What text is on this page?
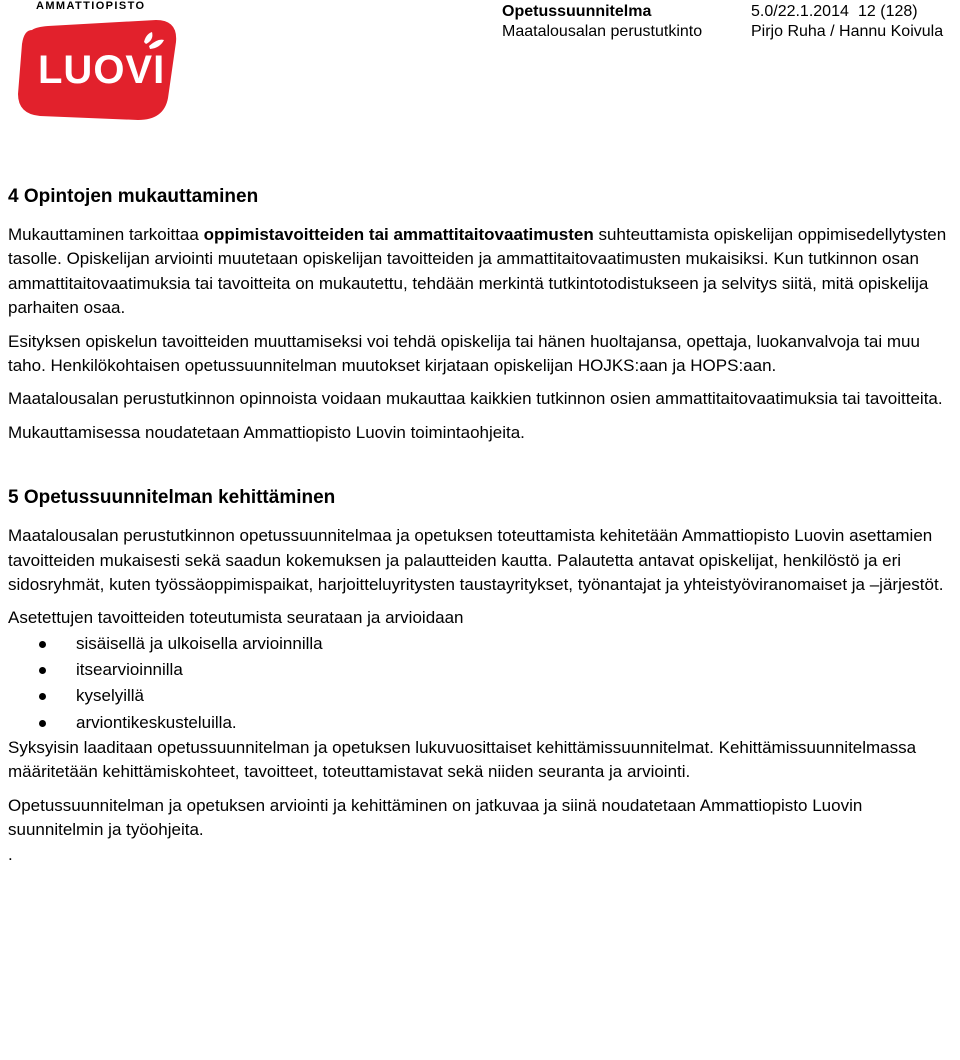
AMMATTIOPISTO
LUOVI
Opetussuunnitelma	5.0/22.1.2014 12 (128)
Maatalousalan perustutkinto	Pirjo Ruha / Hannu Koivula
4 Opintojen mukauttaminen

Mukauttaminen tarkoittaa oppimistavoitteiden tai ammattitaitovaatimusten suhteuttamista opiskelijan oppimisedellytysten tasolle. Opiskelijan arviointi muutetaan opiskelijan tavoitteiden ja ammattitaitovaatimusten mukaisiksi. Kun tutkinnon osan ammattitaitovaatimuksia tai tavoitteita on mukautettu, tehdään merkintä tutkintotodistukseen ja selvitys siitä, mitä opiskelija parhaiten osaa.

Esityksen opiskelun tavoitteiden muuttamiseksi voi tehdä opiskelija tai hänen huoltajansa, opettaja, luokanvalvoja tai muu taho. Henkilökohtaisen opetussuunnitelman muutokset kirjataan opiskelijan HOJKS:aan ja HOPS:aan.

Maatalousalan perustutkinnon opinnoista voidaan mukauttaa kaikkien tutkinnon osien ammattitaitovaatimuksia tai tavoitteita.

Mukauttamisessa noudatetaan Ammattiopisto Luovin toimintaohjeita.

5 Opetussuunnitelman kehittäminen

Maatalousalan perustutkinnon opetussuunnitelmaa ja opetuksen toteuttamista kehitetään Ammattiopisto Luovin asettamien tavoitteiden mukaisesti sekä saadun kokemuksen ja palautteiden kautta. Palautetta antavat opiskelijat, henkilöstö ja eri sidosryhmät, kuten työssäoppimispaikat, harjoitteluyritysten taustayritykset, työnantajat ja yhteistyöviranomaiset ja –järjestöt.

Asetettujen tavoitteiden toteutumista seurataan ja arvioidaan

sisäisellä ja ulkoisella arvioinnilla
itsearvioinnilla
kyselyillä
arviontikeskusteluilla.

Syksyisin laaditaan opetussuunnitelman ja opetuksen lukuvuosittaiset kehittämissuunnitelmat. Kehittämissuunnitelmassa määritetään kehittämiskohteet, tavoitteet, toteuttamistavat sekä niiden seuranta ja arviointi.

Opetussuunnitelman ja opetuksen arviointi ja kehittäminen on jatkuvaa ja siinä noudatetaan Ammattiopisto Luovin suunnitelmin ja työohjeita.

.
